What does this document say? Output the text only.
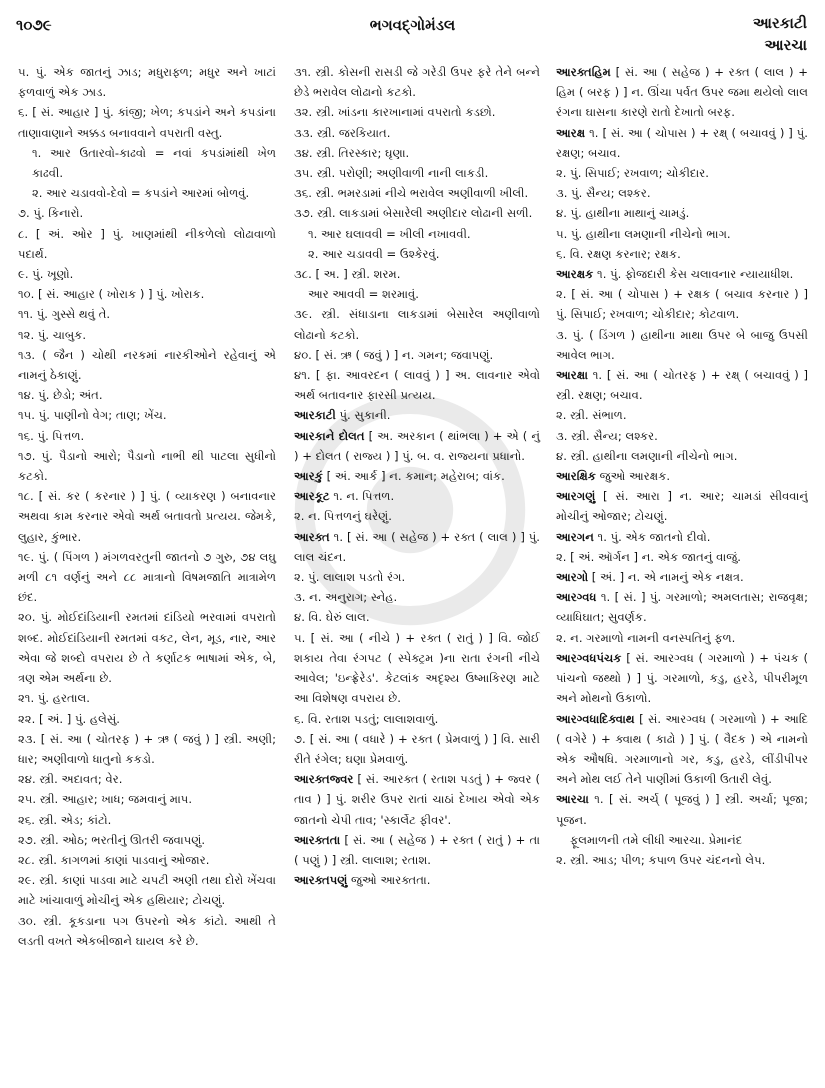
૧૦૭૯	ભગવદ્ગોમંડલ	આરકાટી
આરચા

૫. પું. એક જાતનું ઝાડ; મધુરાફ્ળ; મધુર અને ખાટાં ફળવાળું એક ઝાડ.

૬. [ સં. આહાર ] પું. કાંજી; ખેળ; કપડાંને અને કપડાંના તાણાવાણાને અક્કડ બનાવવાને વપરાતી વસ્તુ.

૧. આર ઉતારવો-કાઢવો = નવાં કપડાંમાંથી ખેળ કાઢવી.

૨. આર ચડાવવો-દેવો = કપડાંને આરમાં બોળવું.

૭. પું. કિનારો.

૮. [ અં. ઓર ] પું. ખાણમાંથી નીકળેલો લોઢાવાળો પદાર્થ.

૯. પું. ખૂણો.

૧૦. [ સં. આહાર ( ખોરાક ) ] પું. ખોરાક.

૧૧. પું. ગુસ્સે થવું તે.

૧૨. પું. ચાબુક.

૧૩. ( જૈન ) ચોથી નરકમાં નારકીઓને રહેવાનું એ નામનું ઠેકાણું.

૧૪. પું. છેડો; અંત.

૧૫. પું. પાણીનો વેગ; તાણ; ખેંચ.

૧૬. પું. પિત્તળ.

૧૭. પું. પૈડાનો આરો; પૈડાનો નાભી થી પાટલા સુધીનો કટકો.

૧૮. [ સં. કર ( કરનાર ) ] પું. ( વ્યાકરણ ) બનાવનાર અથવા કામ કરનાર એવો અર્થ બતાવતો પ્રત્યય. જેમકે, લુહાર, કુંભાર.

૧૯. પું. ( પિંગળ ) મંગળવરતુની જાતનો ૭ ગુરુ, ૭૪ લઘુ મળી ૮૧ વર્ણનું અને ૮૮ માત્રાનો વિષમજાતિ માત્રામેળ છંદ.

૨૦. પું. મોઈદાંડિયાની રમતમાં દાંડિયો ભરવામાં વપરાતો શબ્દ. મોઈદાંડિયાની રમતમાં વકટ, લેન, મૂડ, નાર, આર એવા જે શબ્દો વપરાય છે તે કર્ણાટક ભાષામાં એક, બે, ત્રણ એમ અર્થના છે.

૨૧. પું. હરતાલ.

૨૨. [ અં. ] પું. હલેસું.

૨૩. [ સં. આ ( ચોતરફ ) + ઋ ( જવું ) ] સ્ત્રી. અણી; ધાર; અણીવાળો ધાતુનો કકડો.

૨૪. સ્ત્રી. અદાવત; વેર.

૨૫. સ્ત્રી. આહાર; ખાધ; જમવાનું માપ.

૨૬. સ્ત્રી. એડ; કાંટો.

૨૭. સ્ત્રી. ઓઠ; ભરતીનું ઊતરી જવાપણું.

૨૮. સ્ત્રી. કાગળમાં કાણાં પાડવાનું ઓજાર.

૨૯. સ્ત્રી. કાણાં પાડવા માટે ચપટી અણી તથા દોરો ખેંચવા માટે ખાંચાવાળું મોચીનું એક હથિયાર; ટોચણું.

૩૦. સ્ત્રી. કૂકડાના પગ ઉપરનો એક કાંટો. આથી તે લડતી વખતે એકબીજાને ઘાયલ કરે છે.

૩૧. સ્ત્રી. કોસની રાસડી જે ગરેડી ઉપર ફરે તેને બન્ને છેડે ભરાવેલ લોઢાનો કટકો.

૩૨. સ્ત્રી. ખાંડના કારખાનામાં વપરાતો કડછો.

૩૩. સ્ત્રી. જરકિયાત.

૩૪. સ્ત્રી. તિરસ્કાર; ઘૃણા.

૩૫. સ્ત્રી. પરોણી; અણીવાળી નાની લાકડી.

૩૬. સ્ત્રી. ભમરડામાં નીચે ભરાવેલ અણીવાળી ખીલી.

૩૭. સ્ત્રી. લાકડામાં બેસારેલી અણીદાર લોઢાની સળી.

૧. આર ઘલાવવી = ખીલી નખાવવી.

૨. આર ચડાવવી = ઉશ્કેરવું.

૩૮. [ અ. ] સ્ત્રી. શરમ.

આર આવવી = શરમાવું.

૩૯. સ્ત્રી. સંધાડાના લાકડામાં બેસારેલ અણીવાળો લોઢાનો કટકો.

૪૦. [ સં. ઋ ( જવું ) ] ન. ગમન; જવાપણું.

૪૧. [ ફા. આવરદન ( લાવવું ) ] અ. લાવનાર એવો અર્થ બતાવનાર ફારસી પ્રત્યય.

આરકાટી પું. સુકાની.

આરકાને દોલત [ અ. અરકાન ( થાંભલા ) + એ ( નું ) + દોલત ( રાજ્ય ) ] પું. બ. વ. રાજ્યના પ્રધાનો.

આરકું [ અં. આર્ક ] ન. કમાન; મહેરાબ; વાંક.

આરકૂટ ૧. ન. પિત્તળ.

૨. ન. પિત્તળનું ઘરેણું.

આરક્ત ૧. [ સં. આ ( સહેજ ) + રક્ત ( લાલ ) ] પું. લાલ ચંદન.

૨. પું. લાલાશ પડતો રંગ.

૩. ન. અનુરાગ; સ્નેહ.

૪. વિ. ઘેરું લાલ.

૫. [ સં. આ ( નીચે ) + રક્ત ( રાતું ) ] વિ. જોઈ શકાય તેવા રંગપટ ( સ્પેક્ટ્રમ )ના રાતા રંગની નીચે આવેલ; 'ઇન્ફ્રેરેડ'. કેટલાંક અદૃશ્ય ઉષ્માકિરણ માટે આ વિશેષણ વપરાય છે.

૬. વિ. રતાશ પડતું; લાલાશવાળું.

૭. [ સં. આ ( વધારે ) + રક્ત ( પ્રેમવાળું ) ] વિ. સારી રીતે રંગેલ; ઘણા પ્રેમવાળું.

આરક્તજ્વર [ સં. આરક્ત ( રતાશ પડતું ) + જ્વર ( તાવ ) ] પું. શરીર ઉપર રાતાં ચાઠાં દેખાય એવો એક જાતનો ચેપી તાવ; 'સ્કાર્લેટ ફીવર'.

આરક્તતા [ સં. આ ( સહેજ ) + રક્ત ( રાતું ) + તા ( પણું ) ] સ્ત્રી. લાલાશ; રતાશ.

આરક્તપણું જુઓ આરક્તતા.

આરક્તહિમ [ સં. આ ( સહેજ ) + રક્ત ( લાલ ) + હિમ ( બરફ ) ] ન. ઊંચા પર્વત ઉપર જમા થયેલો લાલ રંગના ઘાસના કારણે રાતો દેખાતો બરફ.

આરક્ષ ૧. [ સં. આ ( ચોપાસ ) + રક્ષ્ ( બચાવવું ) ] પું. રક્ષણ; બચાવ.

૨. પું. સિપાઈ; રખવાળ; ચોકીદાર.

૩. પું. સૈન્ય; લશ્કર.

૪. પું. હાથીના માથાનું ચામડું.

૫. પું. હાથીના લમણાની નીચેનો ભાગ.

૬. વિ. રક્ષણ કરનાર; રક્ષક.

આરક્ષક ૧. પું. ફોજદારી કેસ ચલાવનાર ન્યાયાધીશ.

૨. [ સં. આ ( ચોપાસ ) + રક્ષક ( બચાવ કરનાર ) ] પું. સિપાઈ; રખવાળ; ચોકીદાર; કોટવાળ.

૩. પું. ( ડિંગળ ) હાથીના માથા ઉપર બે બાજુ ઉપસી આવેલ ભાગ.

આરક્ષા ૧. [ સં. આ ( ચોતરફ ) + રક્ષ્ ( બચાવવું ) ] સ્ત્રી. રક્ષણ; બચાવ.

૨. સ્ત્રી. સંભાળ.

૩. સ્ત્રી. સૈન્ય; લશ્કર.

૪. સ્ત્રી. હાથીના લમણાની નીચેનો ભાગ.

આરક્ષિક જુઓ આરક્ષક.

આરગણું [ સં. આરા ] ન. આર; ચામડાં સીવવાનું મોચીનું ઓજાર; ટોચણું.

આરગન ૧. પું. એક જાતનો દીવો.

૨. [ અં. ઑર્ગન ] ન. એક જાતનું વાજું.

આરગો [ અં. ] ન. એ નામનું એક નક્ષત્ર.

આરગ્વધ ૧. [ સં. ] પું. ગરમાળો; અમલતાસ; રાજવૃક્ષ; વ્યાધિઘાત; સુવર્ણક.

૨. ન. ગરમાળો નામની વનસ્પતિનું ફળ.

આરગ્વધપંચક [ સં. આરગ્વધ ( ગરમાળો ) + પંચક ( પાંચનો જથ્થો ) ] પું. ગરમાળો, કડુ, હરડે, પીપરીમૂળ અને મોથનો ઉકાળો.

આરગ્વધાદિક્વાથ [ સં. આરગ્વધ ( ગરમાળો ) + આદિ ( વગેરે ) + ક્વાથ ( કાઢો ) ] પું. ( વૈદક ) એ નામનો એક ઔષધિ. ગરમાળાનો ગર, કડુ, હરડે, લીંડીપીપર અને મોથ લઈ તેને પાણીમાં ઉકાળી ઉતારી લેવું.

આરચા ૧. [ સં. અર્ચ્ ( પૂજવું ) ] સ્ત્રી. અર્ચા; પૂજા; પૂજન.

ફૂલમાળની તમે લીધી આરચા. પ્રેમાનંદ

૨. સ્ત્રી. આડ; પીળ; કપાળ ઉપર ચંદનનો લેપ.
